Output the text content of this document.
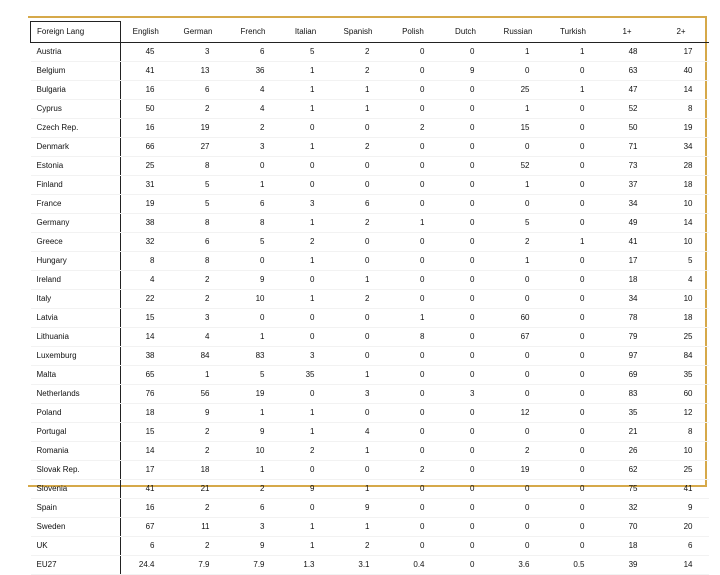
Foreign Lang	English	German	French	Italian	Spanish	Polish	Dutch	Russian	Turkish	1+	2+
Austria	45	3	6	5	2	0	0	1	1	48	17
Belgium	41	13	36	1	2	0	9	0	0	63	40
Bulgaria	16	6	4	1	1	0	0	25	1	47	14
Cyprus	50	2	4	1	1	0	0	1	0	52	8
Czech Rep.	16	19	2	0	0	2	0	15	0	50	19
Denmark	66	27	3	1	2	0	0	0	0	71	34
Estonia	25	8	0	0	0	0	0	52	0	73	28
Finland	31	5	1	0	0	0	0	1	0	37	18
France	19	5	6	3	6	0	0	0	0	34	10
Germany	38	8	8	1	2	1	0	5	0	49	14
Greece	32	6	5	2	0	0	0	2	1	41	10
Hungary	8	8	0	1	0	0	0	1	0	17	5
Ireland	4	2	9	0	1	0	0	0	0	18	4
Italy	22	2	10	1	2	0	0	0	0	34	10
Latvia	15	3	0	0	0	1	0	60	0	78	18
Lithuania	14	4	1	0	0	8	0	67	0	79	25
Luxemburg	38	84	83	3	0	0	0	0	0	97	84
Malta	65	1	5	35	1	0	0	0	0	69	35
Netherlands	76	56	19	0	3	0	3	0	0	83	60
Poland	18	9	1	1	0	0	0	12	0	35	12
Portugal	15	2	9	1	4	0	0	0	0	21	8
Romania	14	2	10	2	1	0	0	2	0	26	10
Slovak Rep.	17	18	1	0	0	2	0	19	0	62	25
Slovenia	41	21	2	9	1	0	0	0	0	75	41
Spain	16	2	6	0	9	0	0	0	0	32	9
Sweden	67	11	3	1	1	0	0	0	0	70	20
UK	6	2	9	1	2	0	0	0	0	18	6
EU27	24.4	7.9	7.9	1.3	3.1	0.4	0	3.6	0.5	39	14
